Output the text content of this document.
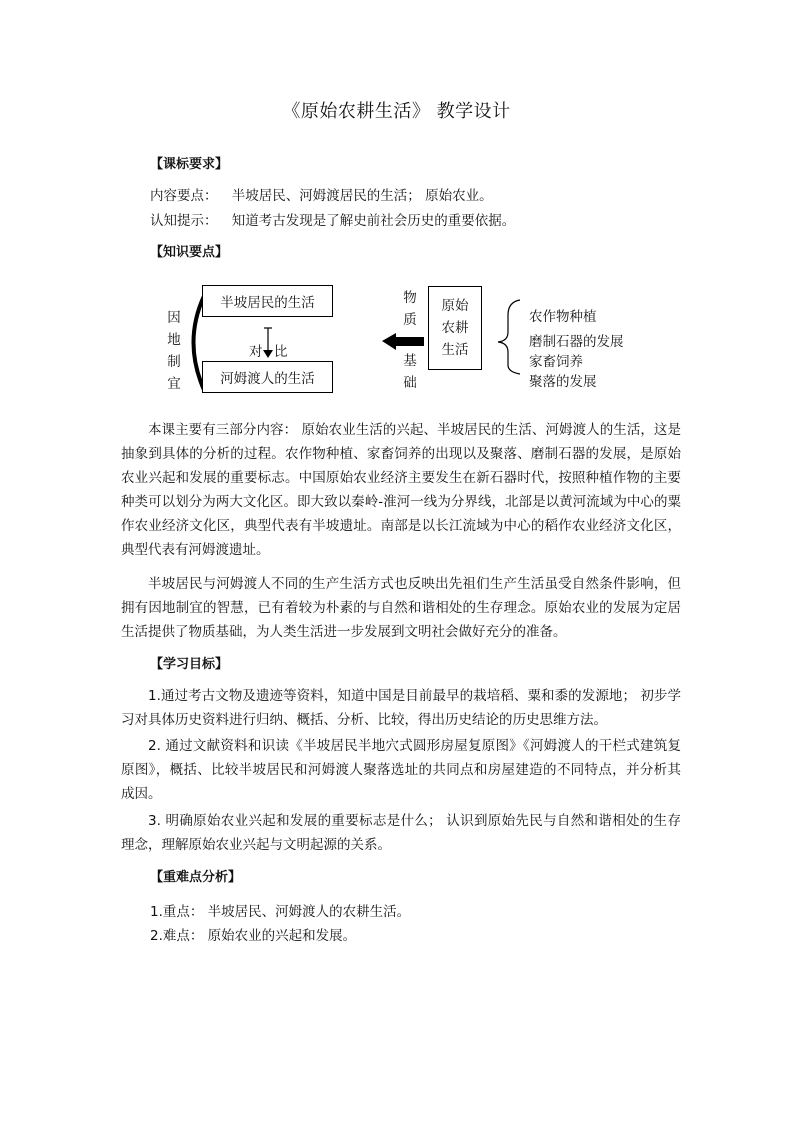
《原始农耕生活》 教学设计
【课标要求】
内容要点： 半坡居民、河姆渡居民的生活； 原始农业。
认知提示： 知道考古发现是了解史前社会历史的重要依据。
【知识要点】
半坡居民的生活
河姆渡人的生活
对 比
因
地
制
宜
物
质
基
础
原始
农耕
生活
农作物种植
磨制石器的发展
家畜饲养
聚落的发展
本课主要有三部分内容： 原始农业生活的兴起、半坡居民的生活、河姆渡人的生活，这是抽象到具体的分析的过程。农作物种植、家畜饲养的出现以及聚落、磨制石器的发展，是原始农业兴起和发展的重要标志。中国原始农业经济主要发生在新石器时代，按照种植作物的主要种类可以划分为两大文化区。即大致以秦岭-淮河一线为分界线，北部是以黄河流域为中心的粟作农业经济文化区，典型代表有半坡遗址。南部是以长江流域为中心的稻作农业经济文化区，典型代表有河姆渡遗址。
半坡居民与河姆渡人不同的生产生活方式也反映出先祖们生产生活虽受自然条件影响，但拥有因地制宜的智慧，已有着较为朴素的与自然和谐相处的生存理念。原始农业的发展为定居生活提供了物质基础，为人类生活进一步发展到文明社会做好充分的准备。
【学习目标】
1.通过考古文物及遗迹等资料，知道中国是目前最早的栽培稻、粟和黍的发源地； 初步学习对具体历史资料进行归纳、概括、分析、比较，得出历史结论的历史思维方法。
2. 通过文献资料和识读《半坡居民半地穴式圆形房屋复原图》《河姆渡人的干栏式建筑复原图》，概括、比较半坡居民和河姆渡人聚落选址的共同点和房屋建造的不同特点，并分析其成因。
3. 明确原始农业兴起和发展的重要标志是什么； 认识到原始先民与自然和谐相处的生存理念，理解原始农业兴起与文明起源的关系。
【重难点分析】
1.重点： 半坡居民、河姆渡人的农耕生活。
2.难点： 原始农业的兴起和发展。
